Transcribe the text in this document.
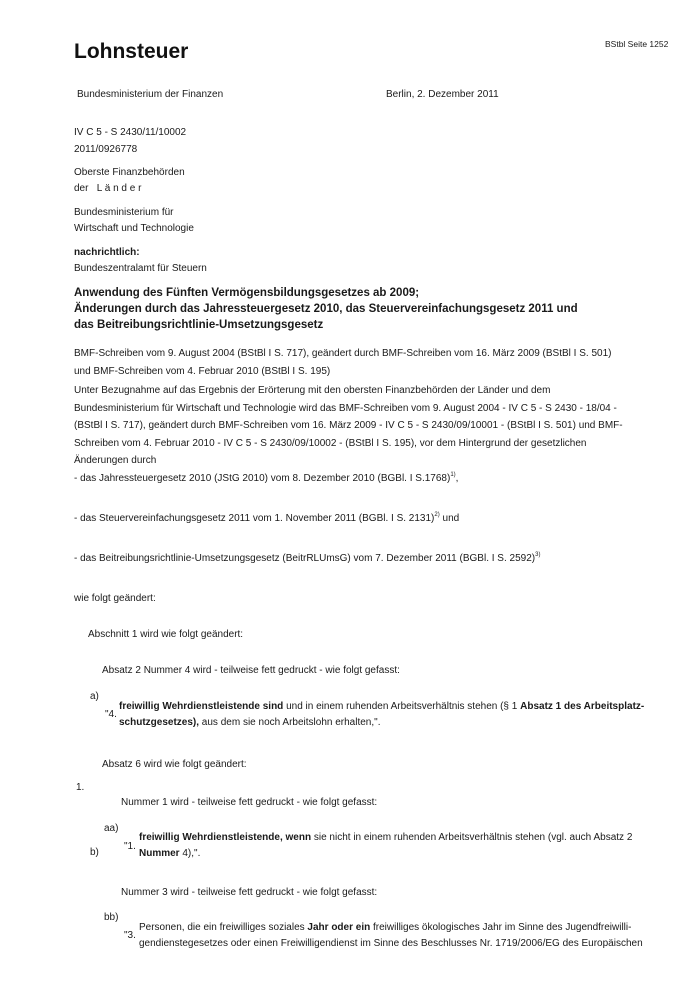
Lohnsteuer	BStbl Seite 1252
Bundesministerium der Finanzen	Berlin, 2. Dezember 2011
IV C 5 - S 2430/11/10002
2011/0926778
Oberste Finanzbehörden
der   L ä n d e r
Bundesministerium für
Wirtschaft und Technologie
nachrichtlich:
Bundeszentralamt für Steuern
Anwendung des Fünften Vermögensbildungsgesetzes ab 2009;
Änderungen durch das Jahressteuergesetz 2010, das Steuervereinfachungsgesetz 2011 und
das Beitreibungsrichtlinie-Umsetzungsgesetz
BMF-Schreiben vom 9. August 2004 (BStBl I S. 717), geändert durch BMF-Schreiben vom 16. März 2009 (BStBl I S. 501) und BMF-Schreiben vom 4. Februar 2010 (BStBl I S. 195)
Unter Bezugnahme auf das Ergebnis der Erörterung mit den obersten Finanzbehörden der Länder und dem Bundesministerium für Wirtschaft und Technologie wird das BMF-Schreiben vom 9. August 2004 - IV C 5 - S 2430 - 18/04 - (BStBl I S. 717), geändert durch BMF-Schreiben vom 16. März 2009 - IV C 5 - S 2430/09/10001 - (BStBl I S. 501) und BMF-Schreiben vom 4. Februar 2010 - IV C 5 - S 2430/09/10002 - (BStBl I S. 195), vor dem Hintergrund der gesetzlichen Änderungen durch
- das Jahressteuergesetz 2010 (JStG 2010) vom 8. Dezember 2010 (BGBl. I S.1768)$^{1)}$,
- das Steuervereinfachungsgesetz 2011 vom 1. November 2011 (BGBl. I S. 2131)$^{2)}$ und
- das Beitreibungsrichtlinie-Umsetzungsgesetz (BeitrRLUmsG) vom 7. Dezember 2011 (BGBl. I S. 2592)$^{3)}$
wie folgt geändert:
Abschnitt 1 wird wie folgt geändert:
Absatz 2 Nummer 4 wird - teilweise fett gedruckt - wie folgt gefasst:
a)
"4.
freiwillig Wehrdienstleistende sind und in einem ruhenden Arbeitsverhältnis stehen (§ 1 Absatz 1 des Arbeitsplatz-
schutzgesetzes), aus dem sie noch Arbeitslohn erhalten,".
Absatz 6 wird wie folgt geändert:
1.
Nummer 1 wird - teilweise fett gedruckt - wie folgt gefasst:
aa)
b)
"1.
freiwillig Wehrdienstleistende, wenn sie nicht in einem ruhenden Arbeitsverhältnis stehen (vgl. auch Absatz 2
Nummer 4),".
Nummer 3 wird - teilweise fett gedruckt - wie folgt gefasst:
bb)
"3.
Personen, die ein freiwilliges soziales Jahr oder ein freiwilliges ökologisches Jahr im Sinne des Jugendfreiwilli-
gendienstegesetzes oder einen Freiwilligendienst im Sinne des Beschlusses Nr. 1719/2006/EG des Europäischen
